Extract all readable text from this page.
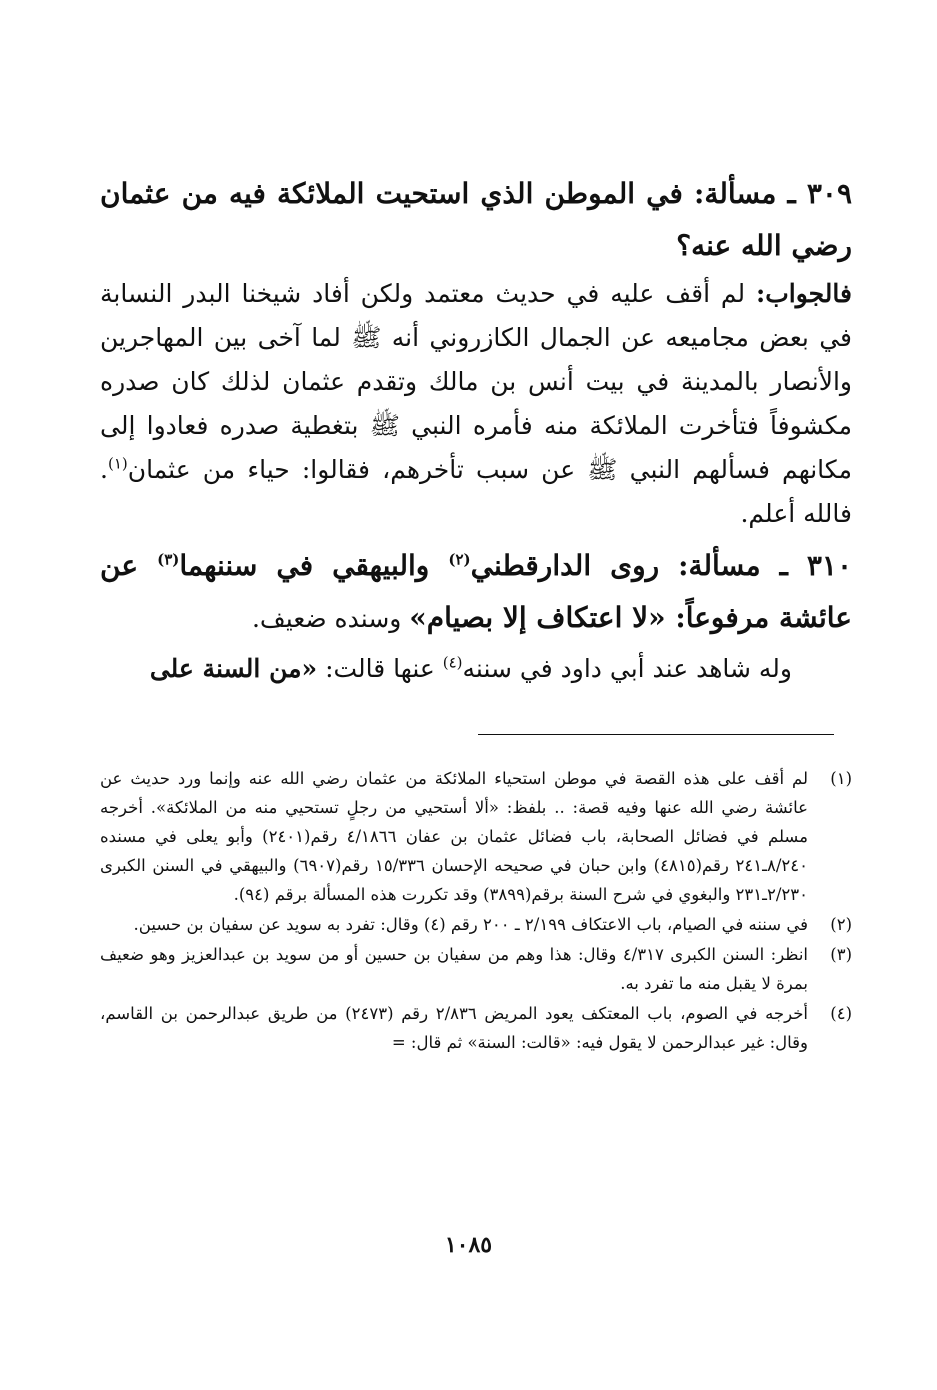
٣٠٩ ـ مسألة: في الموطن الذي استحيت الملائكة فيه من عثمان رضي الله عنه؟

فالجواب: لم أقف عليه في حديث معتمد ولكن أفاد شيخنا البدر النسابة في بعض مجاميعه عن الجمال الكازروني أنه ﷺ لما آخى بين المهاجرين والأنصار بالمدينة في بيت أنس بن مالك وتقدم عثمان لذلك كان صدره مكشوفاً فتأخرت الملائكة منه فأمره النبي ﷺ بتغطية صدره فعادوا إلى مكانهم فسألهم النبي ﷺ عن سبب تأخرهم، فقالوا: حياء من عثمان$^{(١)}$. فالله أعلم.

٣١٠ ـ مسألة: روى الدارقطني$^{(٢)}$ والبيهقي في سننهما$^{(٣)}$ عن عائشة مرفوعاً: «لا اعتكاف إلا بصيام» وسنده ضعيف.

وله شاهد عند أبي داود في سننه$^{(٤)}$ عنها قالت: «من السنة على

(١)
لم أقف على هذه القصة في موطن استحياء الملائكة من عثمان رضي الله عنه وإنما ورد حديث عن عائشة رضي الله عنها وفيه قصة: .. بلفظ: «ألا أستحيي من رجلٍ تستحيي منه من الملائكة». أخرجه مسلم في فضائل الصحابة، باب فضائل عثمان بن عفان ٤/١٨٦٦ رقم(٢٤٠١) وأبو يعلى في مسنده ٨/٢٤٠ـ٢٤١ رقم(٤٨١٥) وابن حبان في صحيحه الإحسان ١٥/٣٣٦ رقم(٦٩٠٧) والبيهقي في السنن الكبرى ٢/٢٣٠ـ٢٣١ والبغوي في شرح السنة برقم(٣٨٩٩) وقد تكررت هذه المسألة برقم (٩٤).
(٢)
في سننه في الصيام، باب الاعتكاف ٢/١٩٩ ـ ٢٠٠ رقم (٤) وقال: تفرد به سويد عن سفيان بن حسين.
(٣)
انظر: السنن الكبرى ٤/٣١٧ وقال: هذا وهم من سفيان بن حسين أو من سويد بن عبدالعزيز وهو ضعيف بمرة لا يقبل منه ما تفرد به.
(٤)
أخرجه في الصوم، باب المعتكف يعود المريض ٢/٨٣٦ رقم (٢٤٧٣) من طريق عبدالرحمن بن القاسم، وقال: غير عبدالرحمن لا يقول فيه: «قالت: السنة» ثم قال: =
١٠٨٥
